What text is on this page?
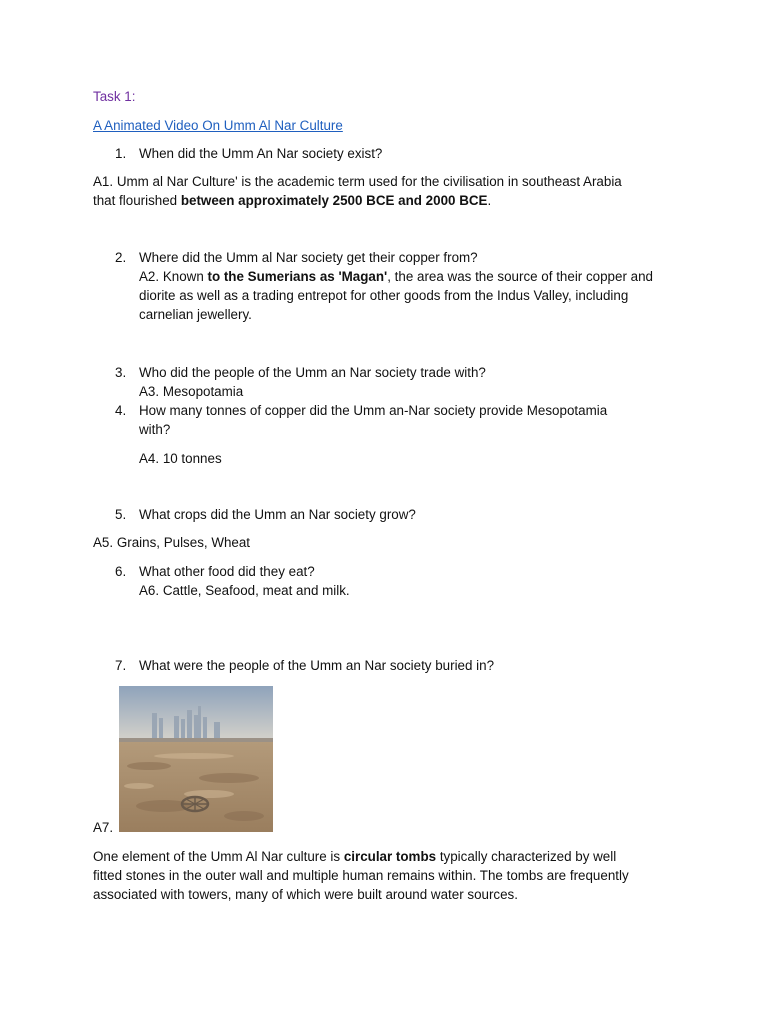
Task 1:
A Animated Video On Umm Al Nar Culture
1. When did the Umm An Nar society exist?
A1. Umm al Nar Culture' is the academic term used for the civilisation in southeast Arabia
that flourished between approximately 2500 BCE and 2000 BCE.
2. Where did the Umm al Nar society get their copper from?
A2. Known to the Sumerians as 'Magan', the area was the source of their copper and
diorite as well as a trading entrepot for other goods from the Indus Valley, including
carnelian jewellery.
3. Who did the people of the Umm an Nar society trade with?
A3. Mesopotamia
4. How many tonnes of copper did the Umm an-Nar society provide Mesopotamia
with?
A4. 10 tonnes
5. What crops did the Umm an Nar society grow?
A5. Grains, Pulses, Wheat
6. What other food did they eat?
A6. Cattle, Seafood, meat and milk.
7. What were the people of the Umm an Nar society buried in?
A7.
One element of the Umm Al Nar culture is circular tombs typically characterized by well
fitted stones in the outer wall and multiple human remains within. The tombs are frequently
associated with towers, many of which were built around water sources.
